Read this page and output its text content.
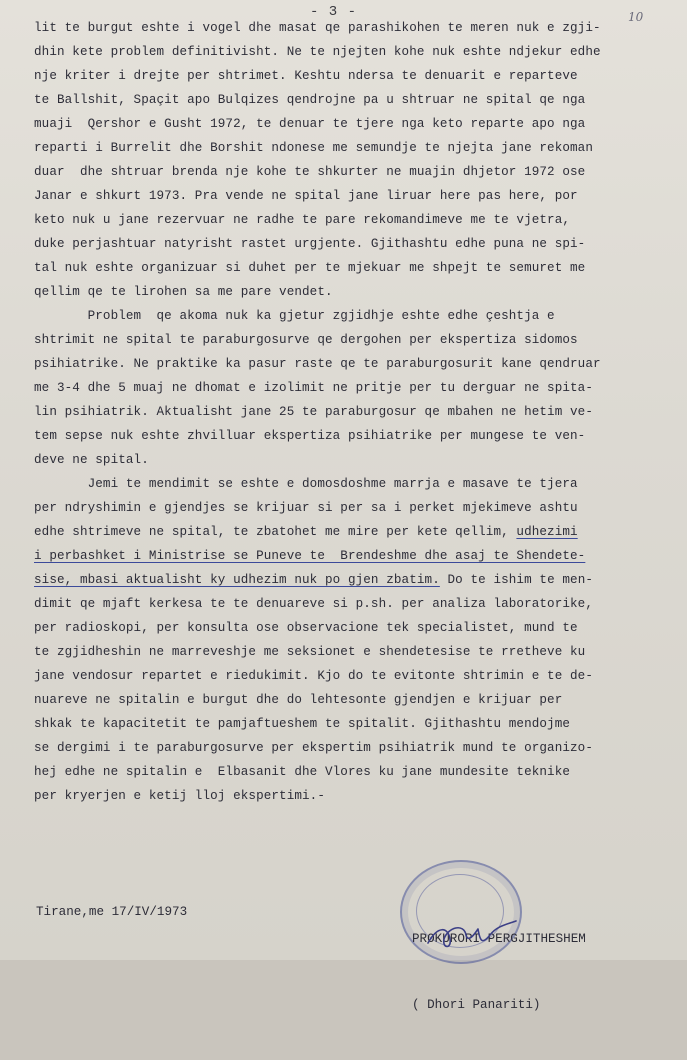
- 3 -	10
lit te burgut eshte i vogel dhe masat qe parashikohen te meren nuk e zgji-
dhin kete problem definitivisht. Ne te njejten kohe nuk eshte ndjekur edhe
nje kriter i drejte per shtrimet. Keshtu ndersa te denuarit e reparteve
te Ballshit, Spaçit apo Bulqizes qendrojne pa u shtruar ne spital qe nga
muaji  Qershor e Gusht 1972, te denuar te tjere nga keto reparte apo nga
reparti i Burrelit dhe Borshit ndonese me semundje te njejta jane rekoman
duar  dhe shtruar brenda nje kohe te shkurter ne muajin dhjetor 1972 ose
Janar e shkurt 1973. Pra vende ne spital jane liruar here pas here, por
keto nuk u jane rezervuar ne radhe te pare rekomandimeve me te vjetra,
duke perjashtuar natyrisht rastet urgjente. Gjithashtu edhe puna ne spi-
tal nuk eshte organizuar si duhet per te mjekuar me shpejt te semuret me
qellim qe te lirohen sa me pare vendet.
Problem  qe akoma nuk ka gjetur zgjidhje eshte edhe çeshtja e
shtrimit ne spital te paraburgosurve qe dergohen per ekspertiza sidomos
psihiatrike. Ne praktike ka pasur raste qe te paraburgosurit kane qendruar
me 3-4 dhe 5 muaj ne dhomat e izolimit ne pritje per tu derguar ne spita-
lin psihiatrik. Aktualisht jane 25 te paraburgosur qe mbahen ne hetim ve-
tem sepse nuk eshte zhvilluar ekspertiza psihiatrike per mungese te ven-
deve ne spital.
Jemi te mendimit se eshte e domosdoshme marrja e masave te tjera
per ndryshimin e gjendjes se krijuar si per sa i perket mjekimeve ashtu
edhe shtrimeve ne spital, te zbatohet me mire per kete qellim, udhezimi
i perbashket i Ministrise se Puneve te  Brendeshme dhe asaj te Shendete-
sise, mbasi aktualisht ky udhezim nuk po gjen zbatim. Do te ishim te men-
dimit qe mjaft kerkesa te te denuareve si p.sh. per analiza laboratorike,
per radioskopi, per konsulta ose observacione tek specialistet, mund te
te zgjidheshin ne marreveshje me seksionet e shendetesise te rretheve ku
jane vendosur repartet e riedukimit. Kjo do te evitonte shtrimin e te de-
nuareve ne spitalin e burgut dhe do lehtesonte gjendjen e krijuar per
shkak te kapacitetit te pamjaftueshem te spitalit. Gjithashtu mendojme
se dergimi i te paraburgosurve per ekspertim psihiatrik mund te organizo-
hej edhe ne spitalin e  Elbasanit dhe Vlores ku jane mundesite teknike
per kryerjen e ketij lloj ekspertimi.-
Tirane,me 17/IV/1973

PROKURORI PERGJITHESHEM

( Dhori Panariti)
